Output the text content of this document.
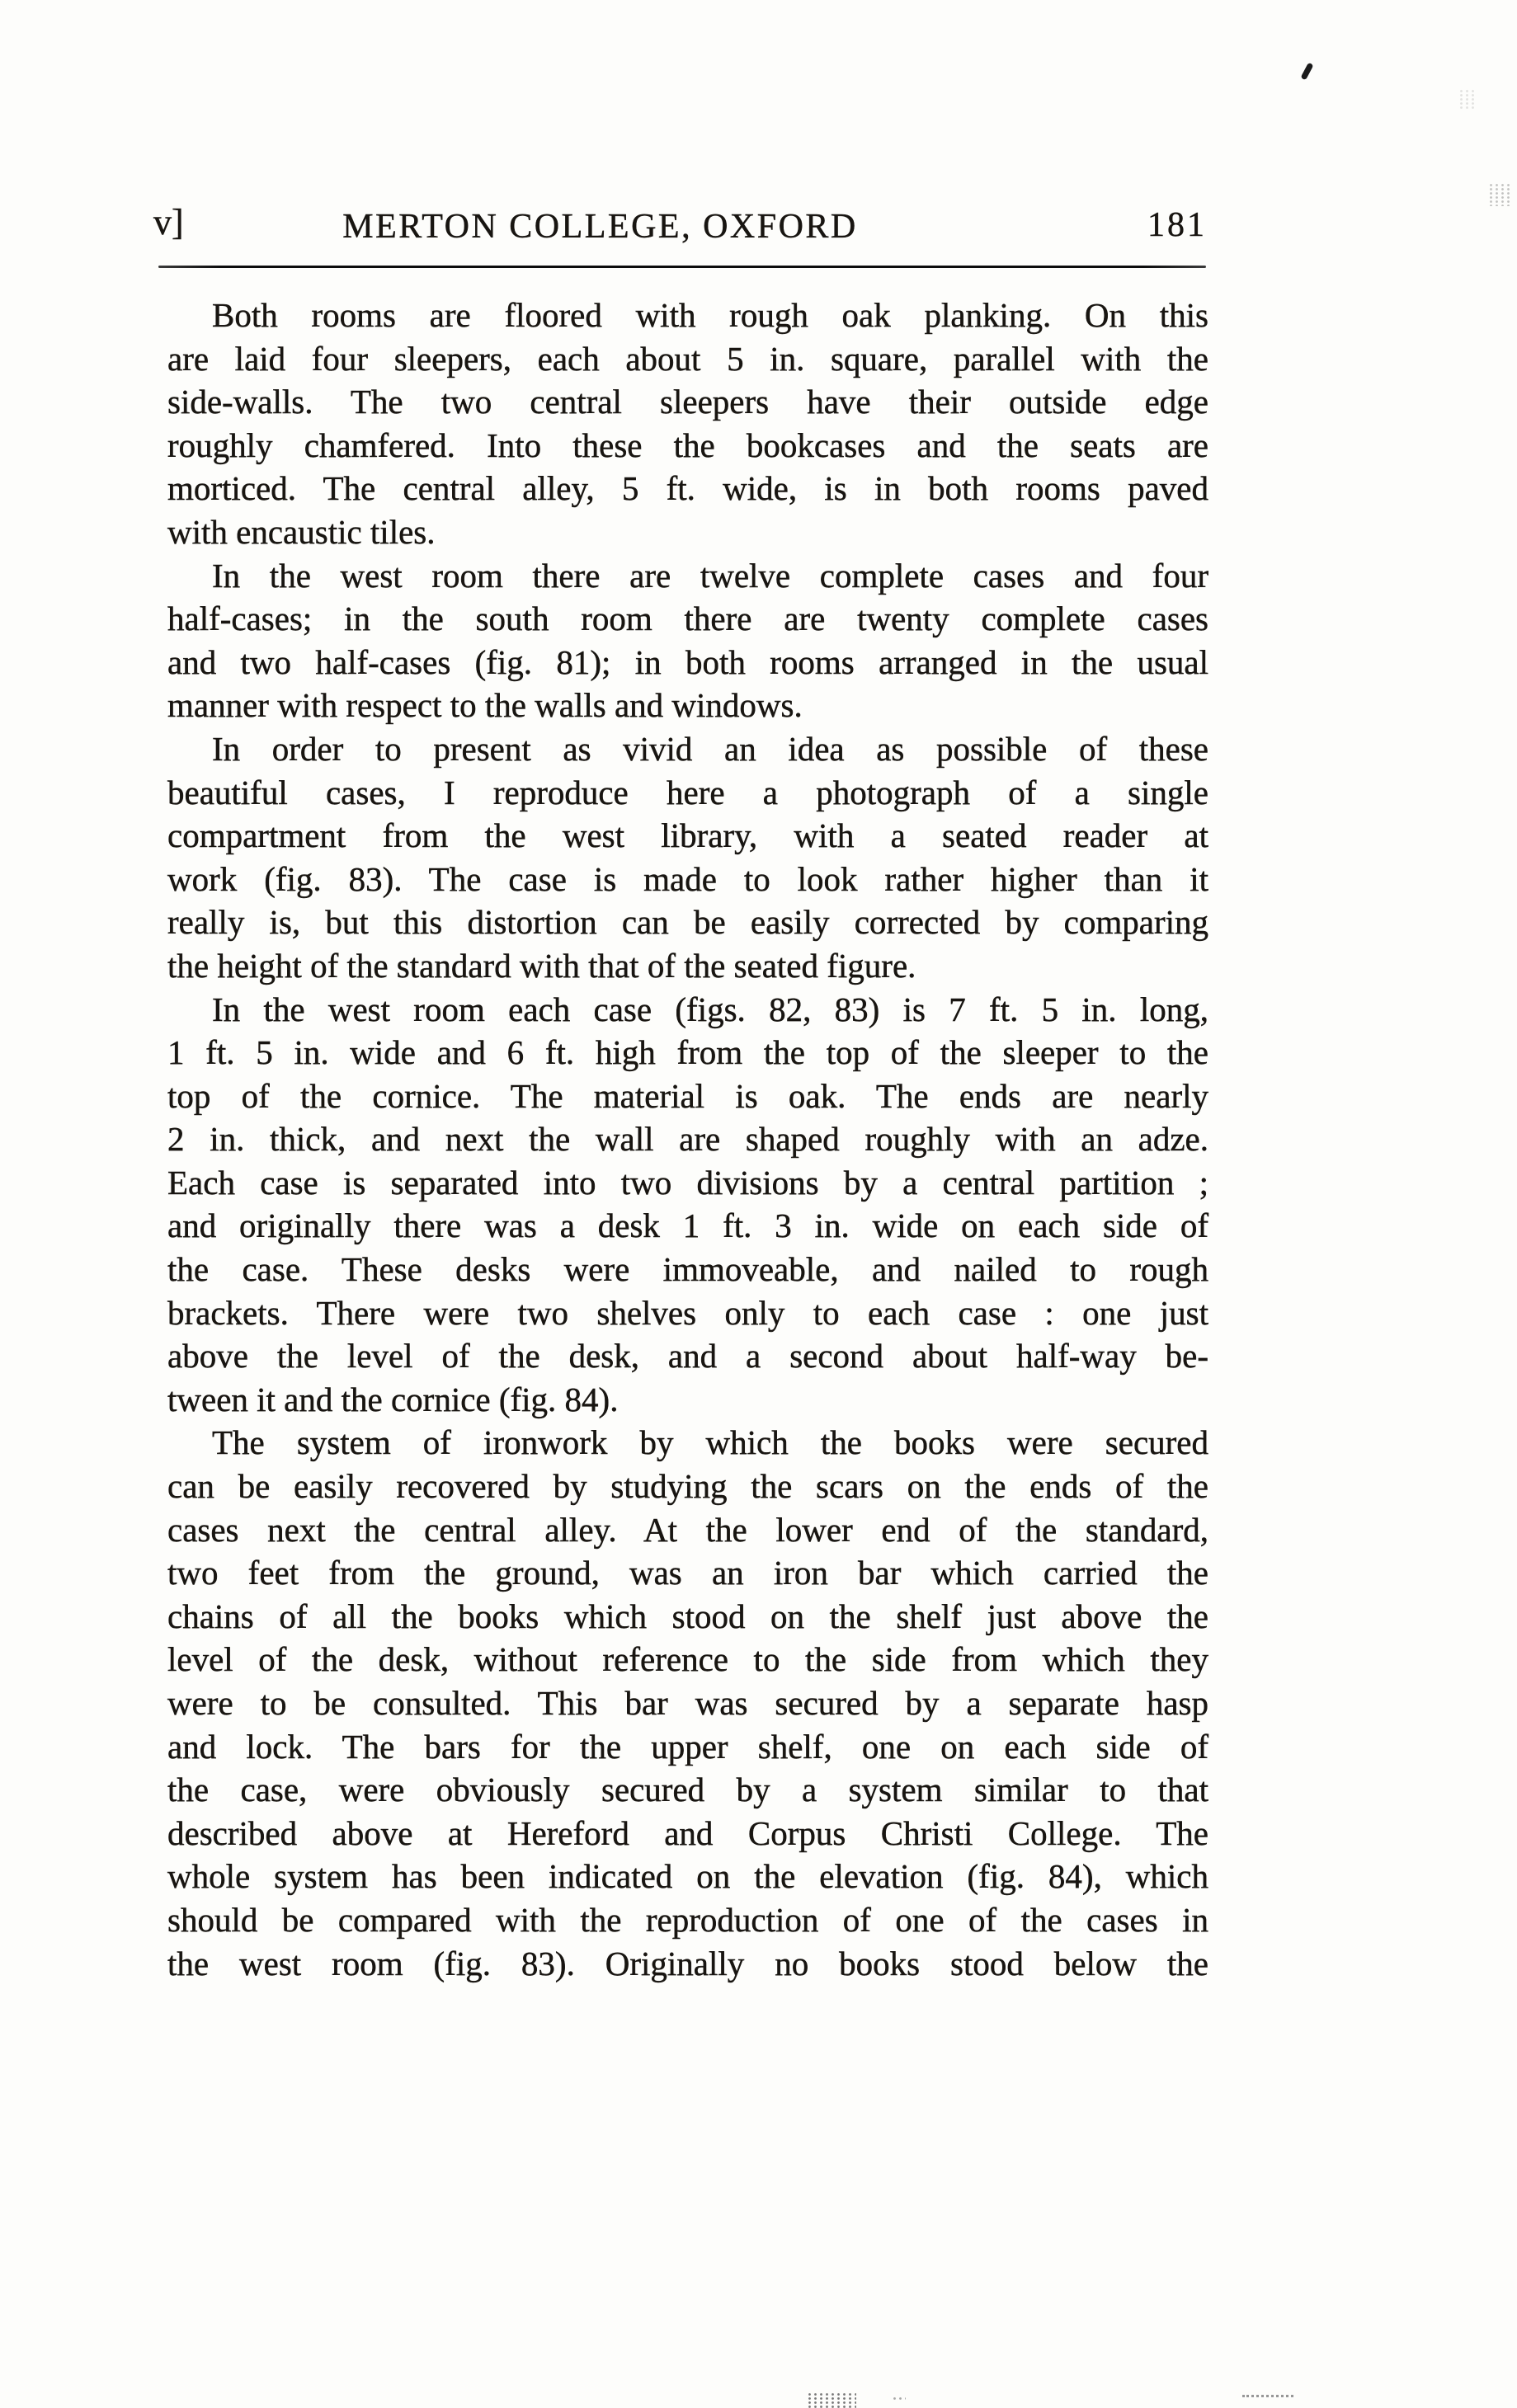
v]	MERTON COLLEGE, OXFORD	181
Both rooms are floored with rough oak planking. On this
are laid four sleepers, each about 5 in. square, parallel with the
side-walls. The two central sleepers have their outside edge
roughly chamfered. Into these the bookcases and the seats are
morticed. The central alley, 5 ft. wide, is in both rooms paved
with encaustic tiles.
In the west room there are twelve complete cases and four
half-cases; in the south room there are twenty complete cases
and two half-cases (fig. 81); in both rooms arranged in the usual
manner with respect to the walls and windows.
In order to present as vivid an idea as possible of these
beautiful cases, I reproduce here a photograph of a single
compartment from the west library, with a seated reader at
work (fig. 83). The case is made to look rather higher than it
really is, but this distortion can be easily corrected by comparing
the height of the standard with that of the seated figure.
In the west room each case (figs. 82, 83) is 7 ft. 5 in. long,
1 ft. 5 in. wide and 6 ft. high from the top of the sleeper to the
top of the cornice. The material is oak. The ends are nearly
2 in. thick, and next the wall are shaped roughly with an adze.
Each case is separated into two divisions by a central partition ;
and originally there was a desk 1 ft. 3 in. wide on each side of
the case. These desks were immoveable, and nailed to rough
brackets. There were two shelves only to each case : one just
above the level of the desk, and a second about half-way be-
tween it and the cornice (fig. 84).
The system of ironwork by which the books were secured
can be easily recovered by studying the scars on the ends of the
cases next the central alley. At the lower end of the standard,
two feet from the ground, was an iron bar which carried the
chains of all the books which stood on the shelf just above the
level of the desk, without reference to the side from which they
were to be consulted. This bar was secured by a separate hasp
and lock. The bars for the upper shelf, one on each side of
the case, were obviously secured by a system similar to that
described above at Hereford and Corpus Christi College. The
whole system has been indicated on the elevation (fig. 84), which
should be compared with the reproduction of one of the cases in
the west room (fig. 83). Originally no books stood below the
